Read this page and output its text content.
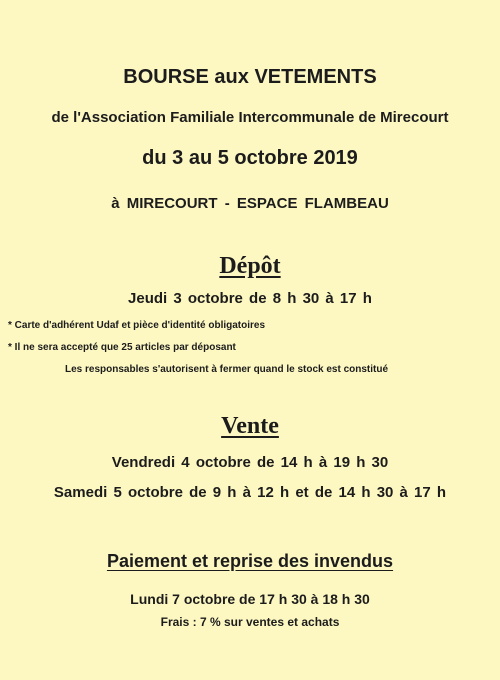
BOURSE aux VETEMENTS
de l'Association Familiale Intercommunale de Mirecourt
du 3 au 5 octobre 2019
à MIRECOURT - ESPACE FLAMBEAU
Dépôt
Jeudi 3 octobre de 8 h 30 à 17 h
* Carte d'adhérent Udaf et pièce d'identité obligatoires
* Il ne sera accepté que 25 articles par déposant
Les responsables s'autorisent à fermer quand le stock est constitué
Vente
Vendredi 4 octobre de 14 h à 19 h 30
Samedi 5 octobre de 9 h à 12 h et de 14 h 30 à 17 h
Paiement et reprise des invendus
Lundi 7 octobre de 17 h 30 à 18 h 30
Frais : 7 % sur ventes et achats
